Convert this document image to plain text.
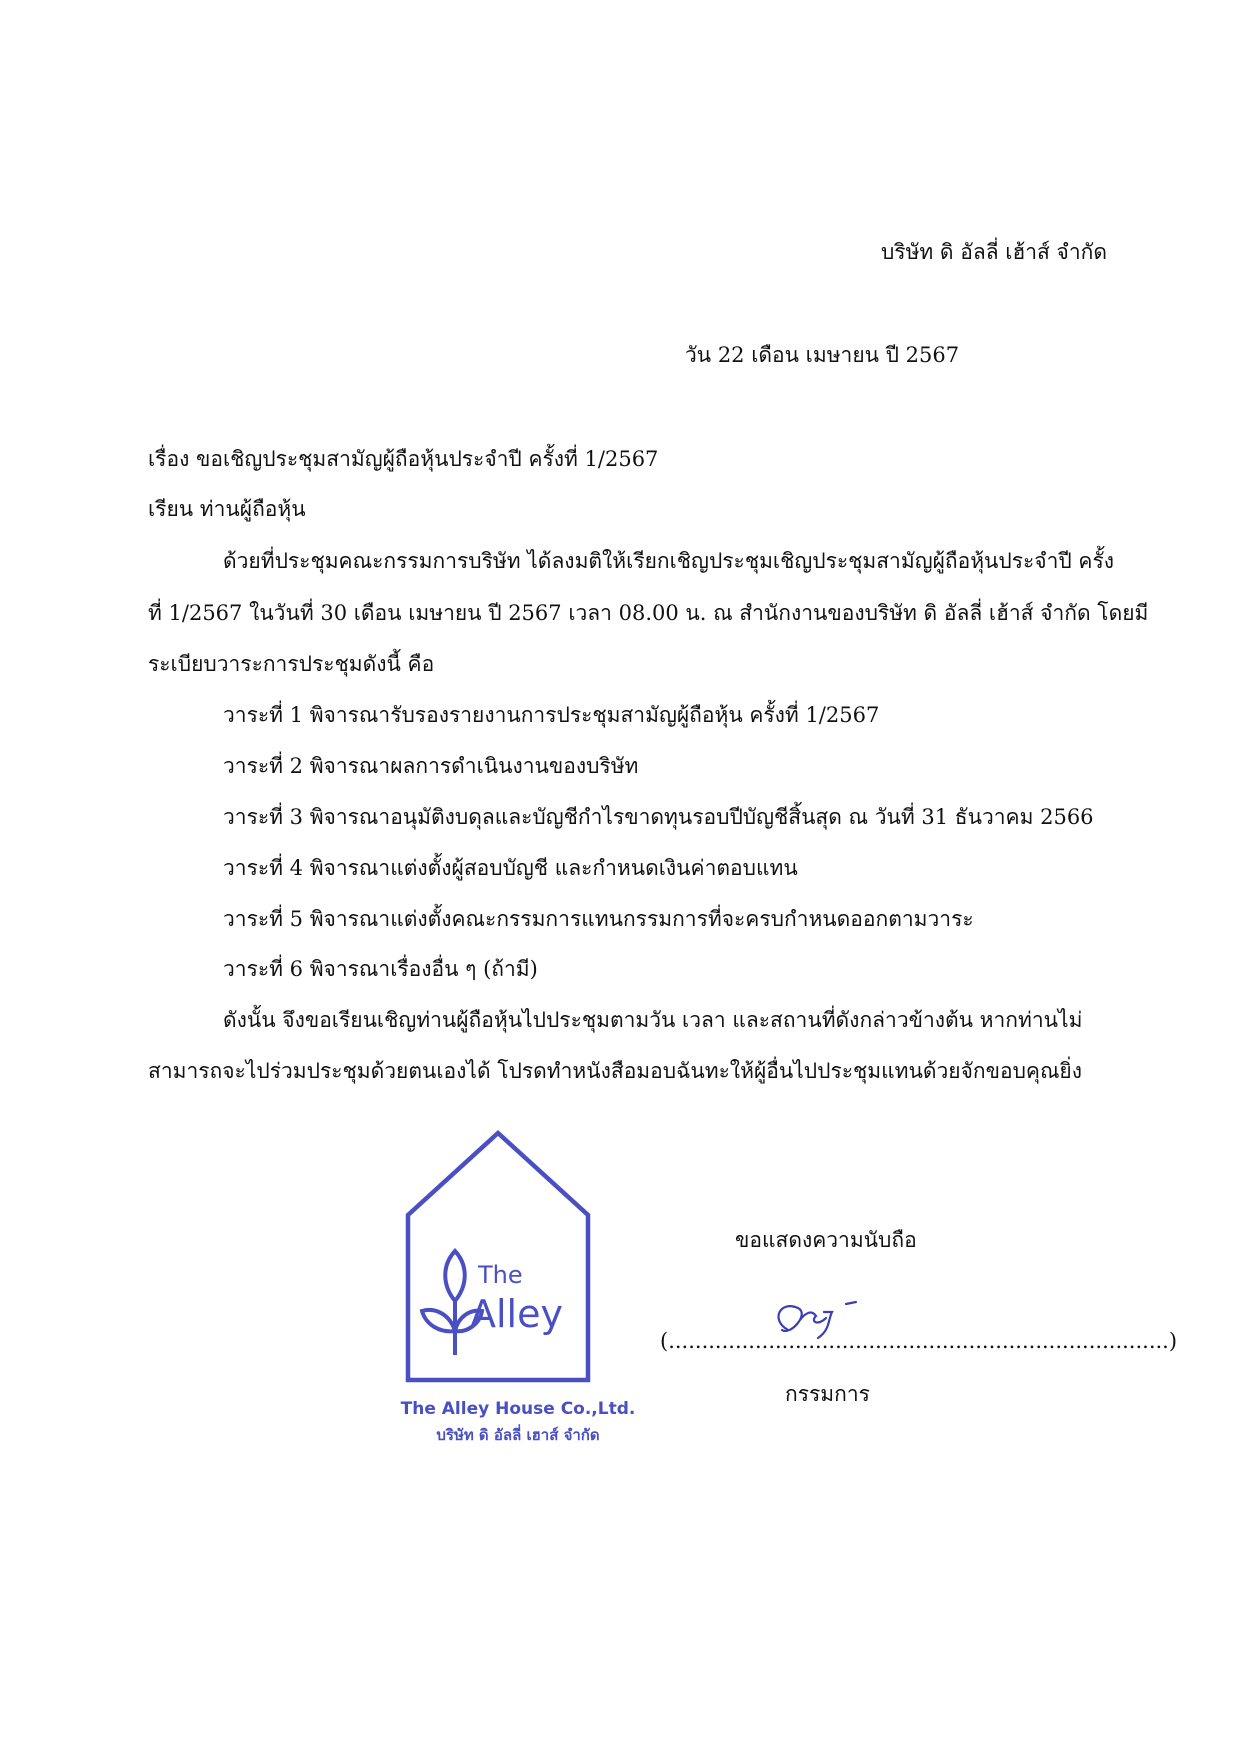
บริษัท ดิ อัลลี่ เฮ้าส์ จำกัด
วัน 22 เดือน เมษายน ปี 2567
เรื่อง ขอเชิญประชุมสามัญผู้ถือหุ้นประจำปี ครั้งที่ 1/2567
เรียน ท่านผู้ถือหุ้น
ด้วยที่ประชุมคณะกรรมการบริษัท ได้ลงมติให้เรียกเชิญประชุมเชิญประชุมสามัญผู้ถือหุ้นประจำปี ครั้ง
ที่ 1/2567 ในวันที่ 30 เดือน เมษายน ปี 2567 เวลา 08.00 น. ณ สำนักงานของบริษัท ดิ อัลลี่ เฮ้าส์ จำกัด โดยมี
ระเบียบวาระการประชุมดังนี้ คือ
วาระที่ 1 พิจารณารับรองรายงานการประชุมสามัญผู้ถือหุ้น ครั้งที่ 1/2567
วาระที่ 2 พิจารณาผลการดำเนินงานของบริษัท
วาระที่ 3 พิจารณาอนุมัติงบดุลและบัญชีกำไรขาดทุนรอบปีบัญชีสิ้นสุด ณ วันที่ 31 ธันวาคม 2566
วาระที่ 4 พิจารณาแต่งตั้งผู้สอบบัญชี และกำหนดเงินค่าตอบแทน
วาระที่ 5 พิจารณาแต่งตั้งคณะกรรมการแทนกรรมการที่จะครบกำหนดออกตามวาระ
วาระที่ 6 พิจารณาเรื่องอื่น ๆ (ถ้ามี)
ดังนั้น จึงขอเรียนเชิญท่านผู้ถือหุ้นไปประชุมตามวัน เวลา และสถานที่ดังกล่าวข้างต้น หากท่านไม่
สามารถจะไปร่วมประชุมด้วยตนเองได้ โปรดทำหนังสือมอบฉันทะให้ผู้อื่นไปประชุมแทนด้วยจักขอบคุณยิ่ง
ขอแสดงความนับถือ
(...........................................................................)
กรรมการ
The
Alley
The Alley House Co.,Ltd.
บริษัท ดิ อัลลี่ เฮาส์ จำกัด
